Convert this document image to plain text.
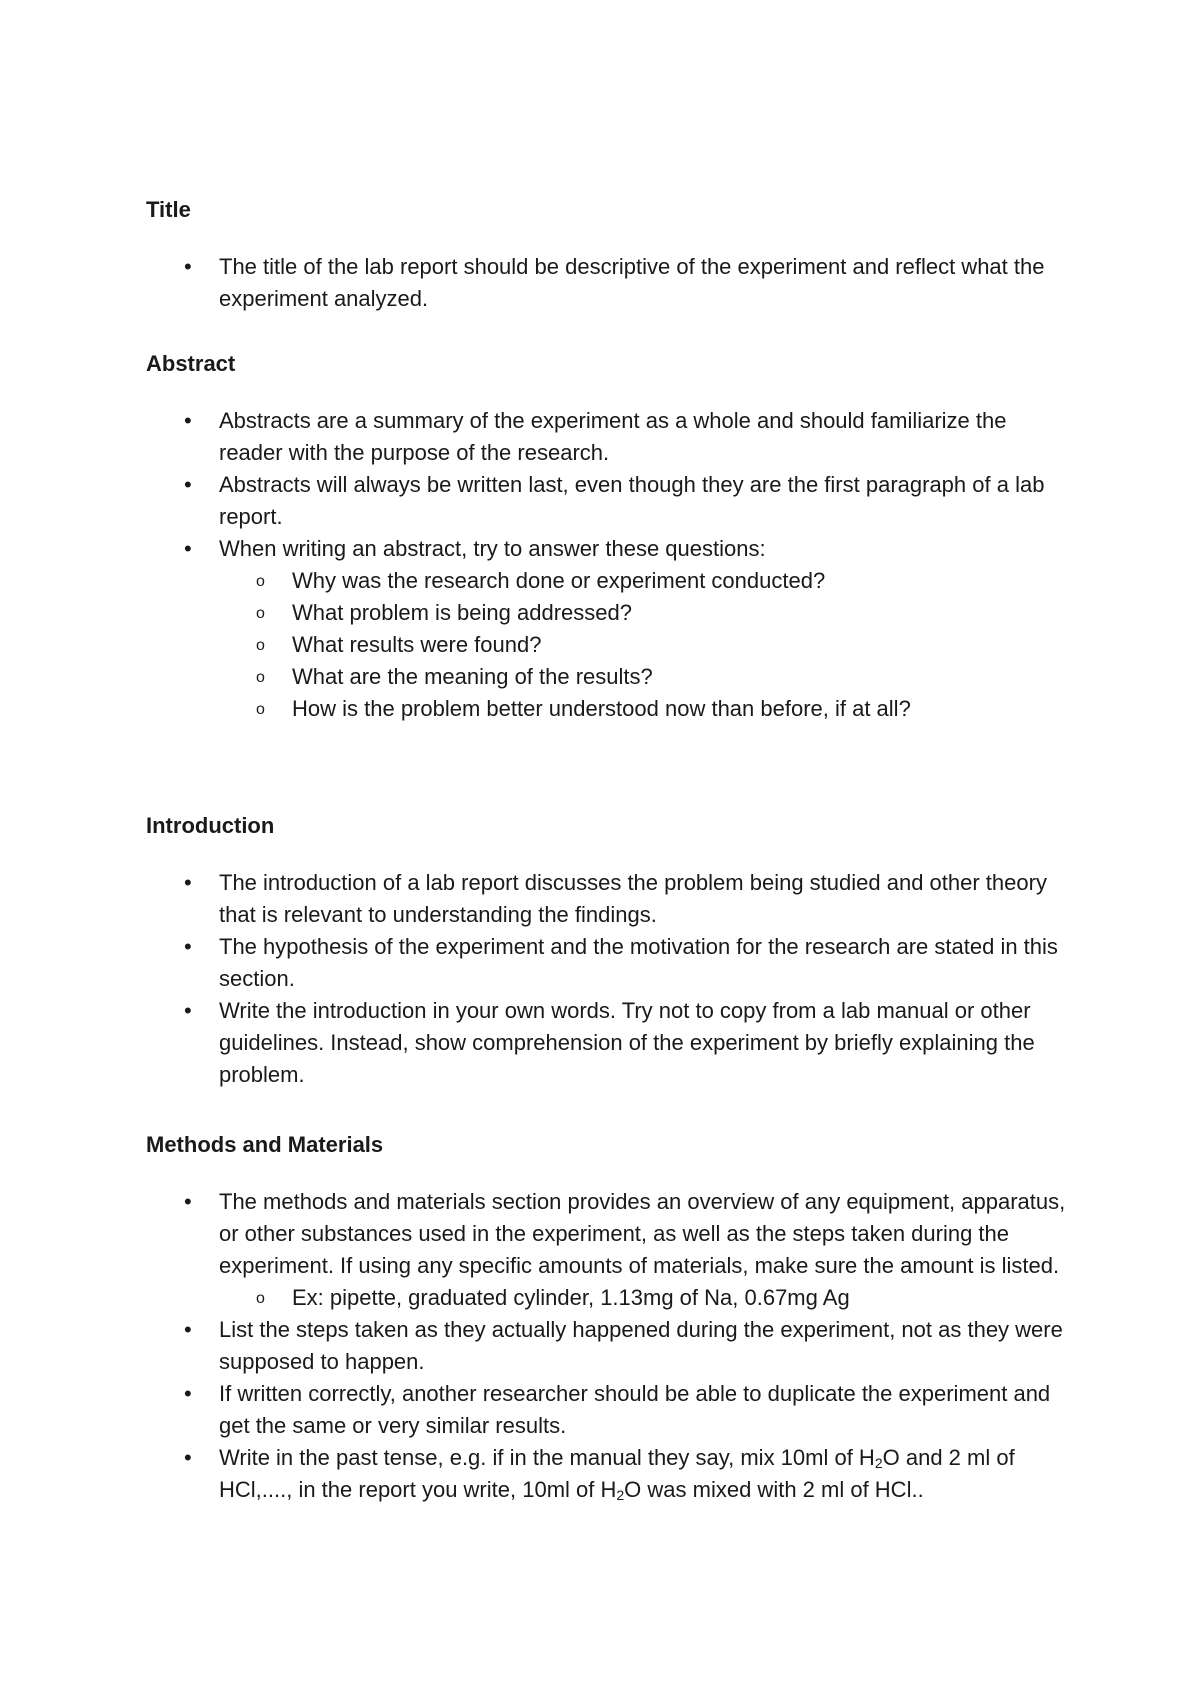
Title

• The title of the lab report should be descriptive of the experiment and reflect what the experiment analyzed.

Abstract

• Abstracts are a summary of the experiment as a whole and should familiarize the reader with the purpose of the research.
• Abstracts will always be written last, even though they are the first paragraph of a lab report.
• When writing an abstract, try to answer these questions:
o Why was the research done or experiment conducted?
o What problem is being addressed?
o What results were found?
o What are the meaning of the results?
o How is the problem better understood now than before, if at all?

Introduction

• The introduction of a lab report discusses the problem being studied and other theory that is relevant to understanding the findings.
• The hypothesis of the experiment and the motivation for the research are stated in this section.
• Write the introduction in your own words. Try not to copy from a lab manual or other guidelines. Instead, show comprehension of the experiment by briefly explaining the problem.

Methods and Materials

• The methods and materials section provides an overview of any equipment, apparatus, or other substances used in the experiment, as well as the steps taken during the experiment. If using any specific amounts of materials, make sure the amount is listed.
o Ex: pipette, graduated cylinder, 1.13mg of Na, 0.67mg Ag
• List the steps taken as they actually happened during the experiment, not as they were supposed to happen.
• If written correctly, another researcher should be able to duplicate the experiment and get the same or very similar results.
• Write in the past tense, e.g. if in the manual they say, mix 10ml of $H_2O$ and 2 ml of HCl,...., in the report you write, 10ml of $H_2O$ was mixed with 2 ml of HCl..
